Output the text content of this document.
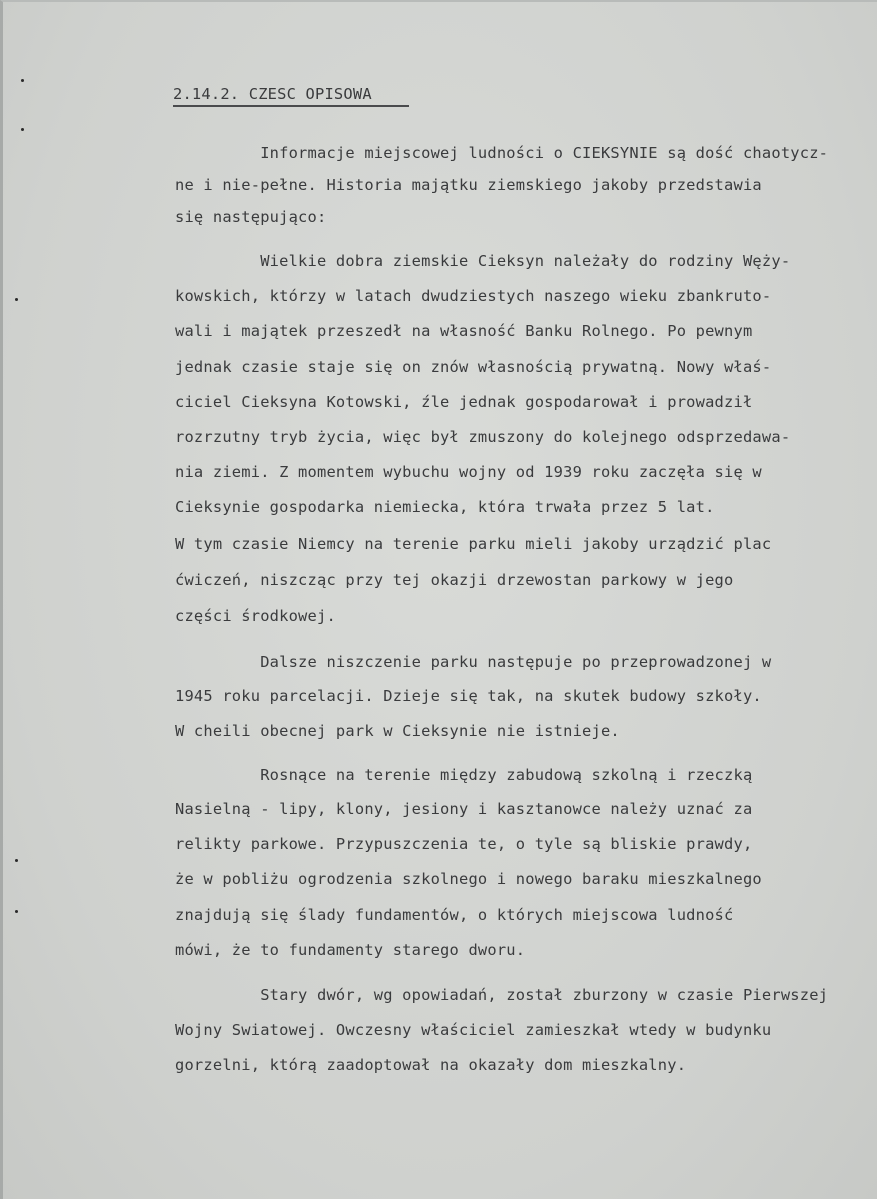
2.14.2. CZESC OPISOWA
Informacje miejscowej ludności o CIEKSYNIE są dość chaotycz-
ne i nie-pełne. Historia majątku ziemskiego jakoby przedstawia
się następująco:
Wielkie dobra ziemskie Cieksyn należały do rodziny Węży-
kowskich, którzy w latach dwudziestych naszego wieku zbankruto-
wali i majątek przeszedł na własność Banku Rolnego. Po pewnym
jednak czasie staje się on znów własnością prywatną. Nowy właś-
ciciel Cieksyna Kotowski, źle jednak gospodarował i prowadził
rozrzutny tryb życia, więc był zmuszony do kolejnego odsprzedawa-
nia ziemi. Z momentem wybuchu wojny od 1939 roku zaczęła się w
Cieksynie gospodarka niemiecka, która trwała przez 5 lat.
W tym czasie Niemcy na terenie parku mieli jakoby urządzić plac
ćwiczeń, niszcząc przy tej okazji drzewostan parkowy w jego
części środkowej.
Dalsze niszczenie parku następuje po przeprowadzonej w
1945 roku parcelacji. Dzieje się tak, na skutek budowy szkoły.
W cheili obecnej park w Cieksynie nie istnieje.
Rosnące na terenie między zabudową szkolną i rzeczką
Nasielną - lipy, klony, jesiony i kasztanowce należy uznać za
relikty parkowe. Przypuszczenia te, o tyle są bliskie prawdy,
że w pobliżu ogrodzenia szkolnego i nowego baraku mieszkalnego
znajdują się ślady fundamentów, o których miejscowa ludność
mówi, że to fundamenty starego dworu.
Stary dwór, wg opowiadań, został zburzony w czasie Pierwszej
Wojny Swiatowej. Owczesny właściciel zamieszkał wtedy w budynku
gorzelni, którą zaadoptował na okazały dom mieszkalny.
